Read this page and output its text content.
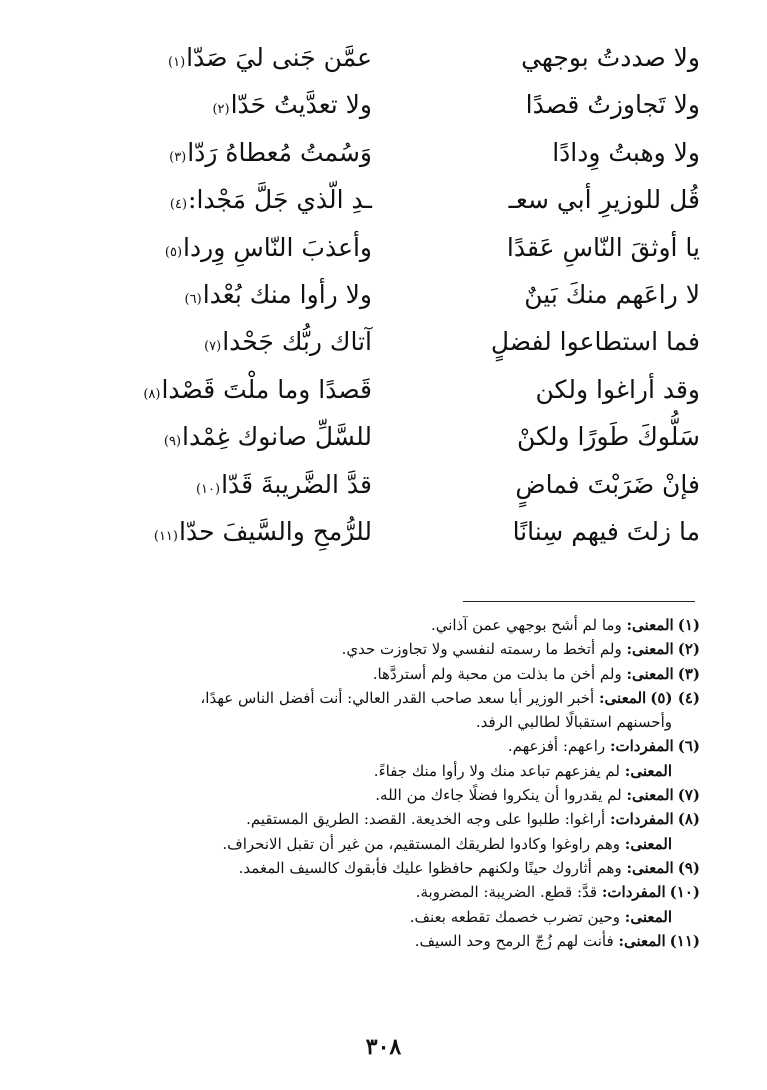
ولا صددتُ بوجهي
عمَّن جَنى ليَ صَدّا
(١)
ولا تَجاوزتُ قصدًا
ولا تعدَّيتُ حَدّا
(٢)
ولا وهبتُ وِدادًا
وَسُمتُ مُعطاهُ رَدّا
(٣)
قُل للوزيرِ أبي سعـ
ـدِ الّذي جَلَّ مَجْدا:
(٤)
يا أوثقَ النّاسِ عَقدًا
وأعذبَ النّاسِ وِردا
(٥)
لا راعَهم منكَ بَينٌ
ولا رأوا منك بُعْدا
(٦)
فما استطاعوا لفضلٍ
آتاك ربُّك جَحْدا
(٧)
وقد أراغوا ولكن
قَصدًا وما ملْتَ قَصْدا
(٨)
سَلُّوكَ طَورًا ولكنْ
للسَّلِّ صانوك غِمْدا
(٩)
فإنْ ضَرَبْتَ فماضٍ
قدَّ الضَّريبةَ قَدّا
(١٠)
ما زلتَ فيهم سِنانًا
للرُّمحِ والسَّيفَ حدّا
(١١)
(١)المعنى: وما لم أشح بوجهي عمن آذاني.
(٢)المعنى: ولم أتخط ما رسمته لنفسي ولا تجاوزت حدي.
(٣)المعنى: ولم أخن ما بذلت من محبة ولم أستردَّها.
(٤) (٥)المعنى: أخبر الوزير أبا سعد صاحب القدر العالي: أنت أفضل الناس عهدًا،
وأحسنهم استقبالًا لطالبي الرفد.
(٦)المفردات: راعهم: أفزعهم.
المعنى: لم يفزعهم تباعد منك ولا رأوا منك جفاءً.
(٧)المعنى: لم يقدروا أن ينكروا فضلًا جاءك من الله.
(٨)المفردات: أراغوا: طلبوا على وجه الخديعة. القصد: الطريق المستقيم.
المعنى: وهم راوغوا وكادوا لطريقك المستقيم، من غير أن تقبل الانحراف.
(٩)المعنى: وهم أثاروك حينًا ولكنهم حافظوا عليك فأبقوك كالسيف المغمد.
(١٠)المفردات: قدَّ: قطع. الضريبة: المضروبة.
المعنى: وحين تضرب خصمك تقطعه بعنف.
(١١)المعنى: فأنت لهم زُجّ الرمح وحد السيف.
٣٠٨
